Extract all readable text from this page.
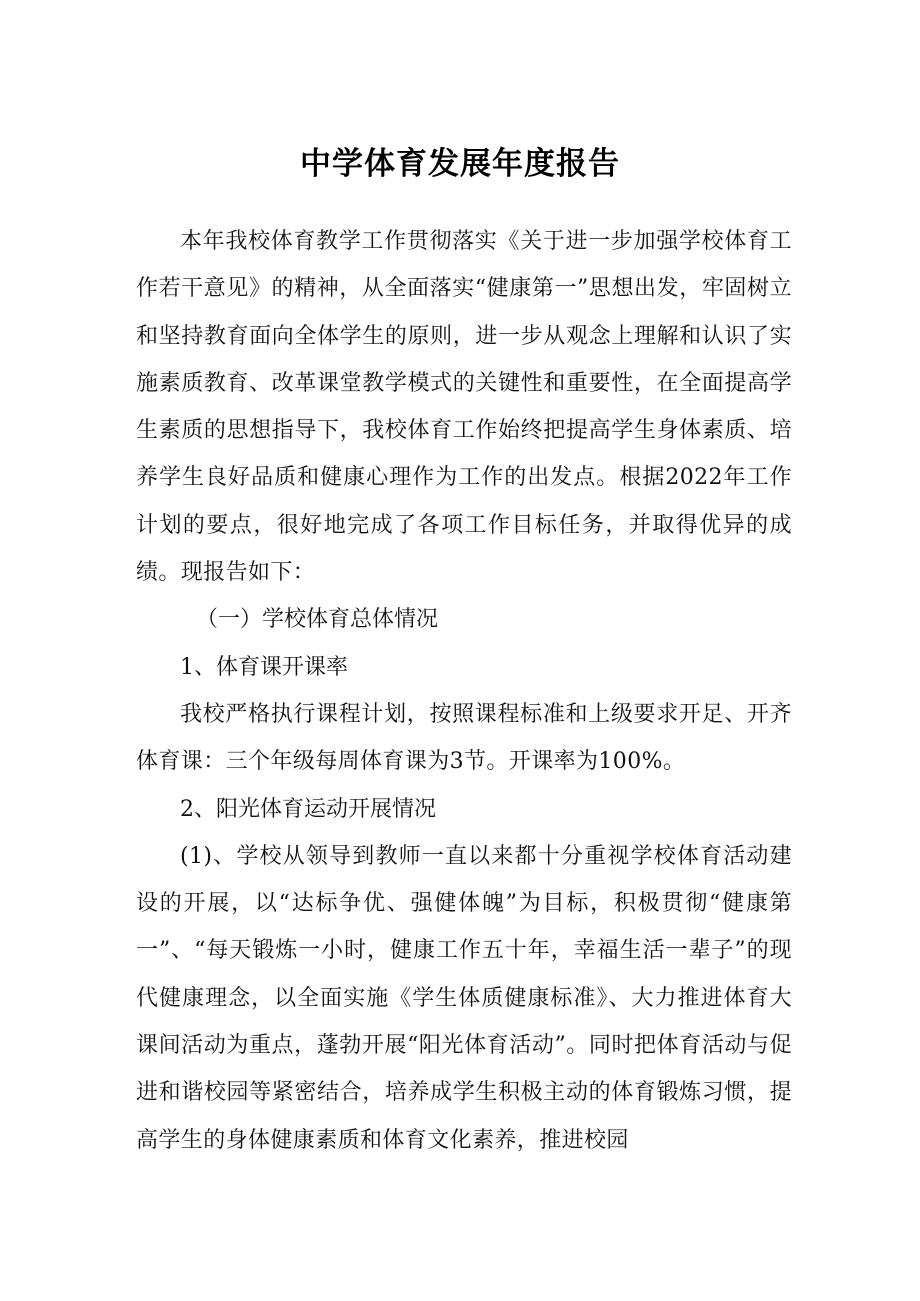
中学体育发展年度报告

本年我校体育教学工作贯彻落实《关于进一步加强学校体育工作若干意见》的精神，从全面落实“健康第一”思想出发，牢固树立和坚持教育面向全体学生的原则，进一步从观念上理解和认识了实施素质教育、改革课堂教学模式的关键性和重要性，在全面提高学生素质的思想指导下，我校体育工作始终把提高学生身体素质、培养学生良好品质和健康心理作为工作的出发点。根据2022年工作计划的要点，很好地完成了各项工作目标任务，并取得优异的成绩。现报告如下：

（一）学校体育总体情况

1、体育课开课率

我校严格执行课程计划，按照课程标准和上级要求开足、开齐体育课：三个年级每周体育课为3节。开课率为100%。

2、阳光体育运动开展情况

(1)、学校从领导到教师一直以来都十分重视学校体育活动建设的开展，以“达标争优、强健体魄”为目标，积极贯彻“健康第一”、“每天锻炼一小时，健康工作五十年，幸福生活一辈子”的现代健康理念，以全面实施《学生体质健康标准》、大力推进体育大课间活动为重点，蓬勃开展“阳光体育活动”。同时把体育活动与促进和谐校园等紧密结合，培养成学生积极主动的体育锻炼习惯，提高学生的身体健康素质和体育文化素养，推进校园
